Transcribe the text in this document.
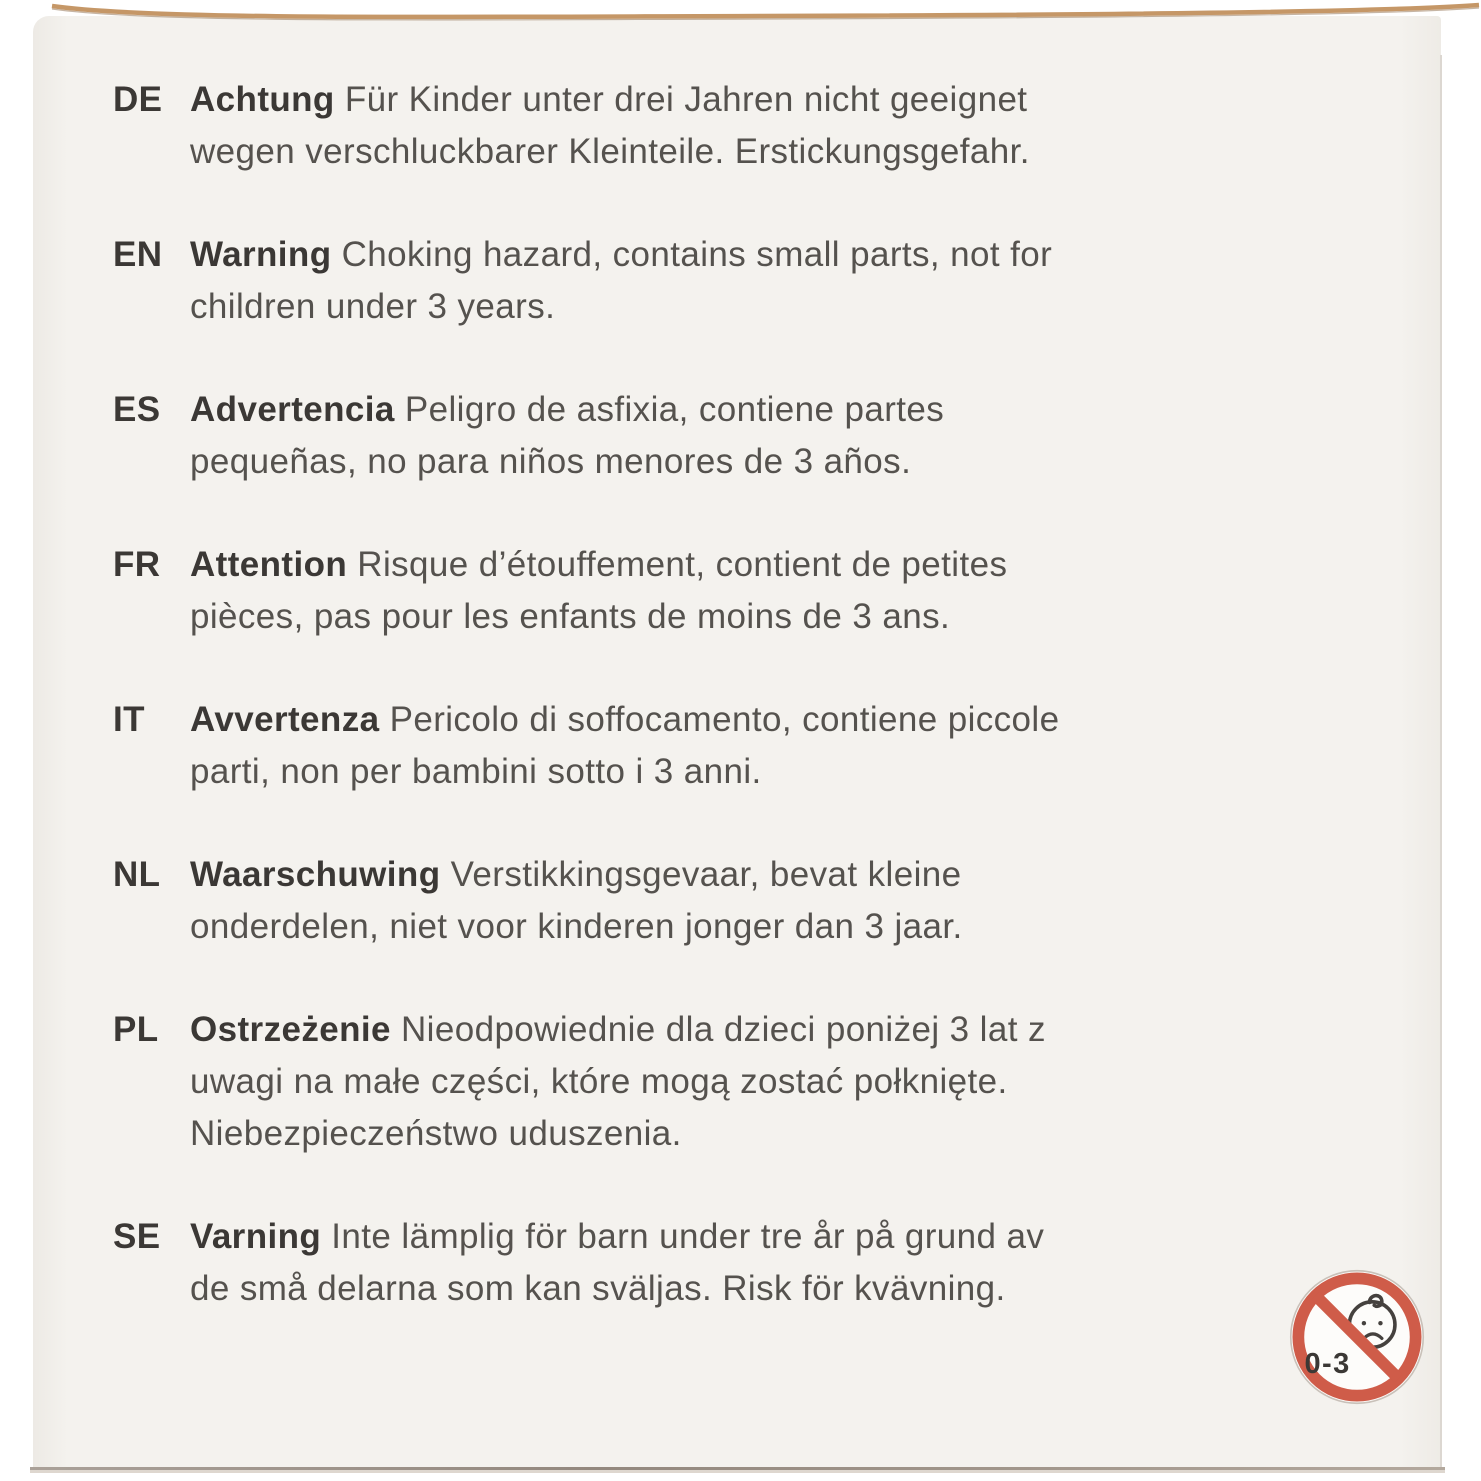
DE Achtung Für Kinder unter drei Jahren nicht geeignet
wegen verschluckbarer Kleinteile. Erstickungsgefahr.
EN Warning Choking hazard, contains small parts, not for
children under 3 years.
ES Advertencia Peligro de asfixia, contiene partes
pequeñas, no para niños menores de 3 años.
FR Attention Risque d’étouffement, contient de petites
pièces, pas pour les enfants de moins de 3 ans.
IT	Avvertenza Pericolo di soffocamento, contiene piccole
parti, non per bambini sotto i 3 anni.
NL Waarschuwing Verstikkingsgevaar, bevat kleine
onderdelen, niet voor kinderen jonger dan 3 jaar.
PL Ostrzeżenie Nieodpowiednie dla dzieci poniżej 3 lat z
uwagi na małe części, które mogą zostać połknięte.
Niebezpieczeństwo uduszenia.
SE Varning Inte lämplig för barn under tre år på grund av
de små delarna som kan sväljas. Risk för kvävning.
0-3
